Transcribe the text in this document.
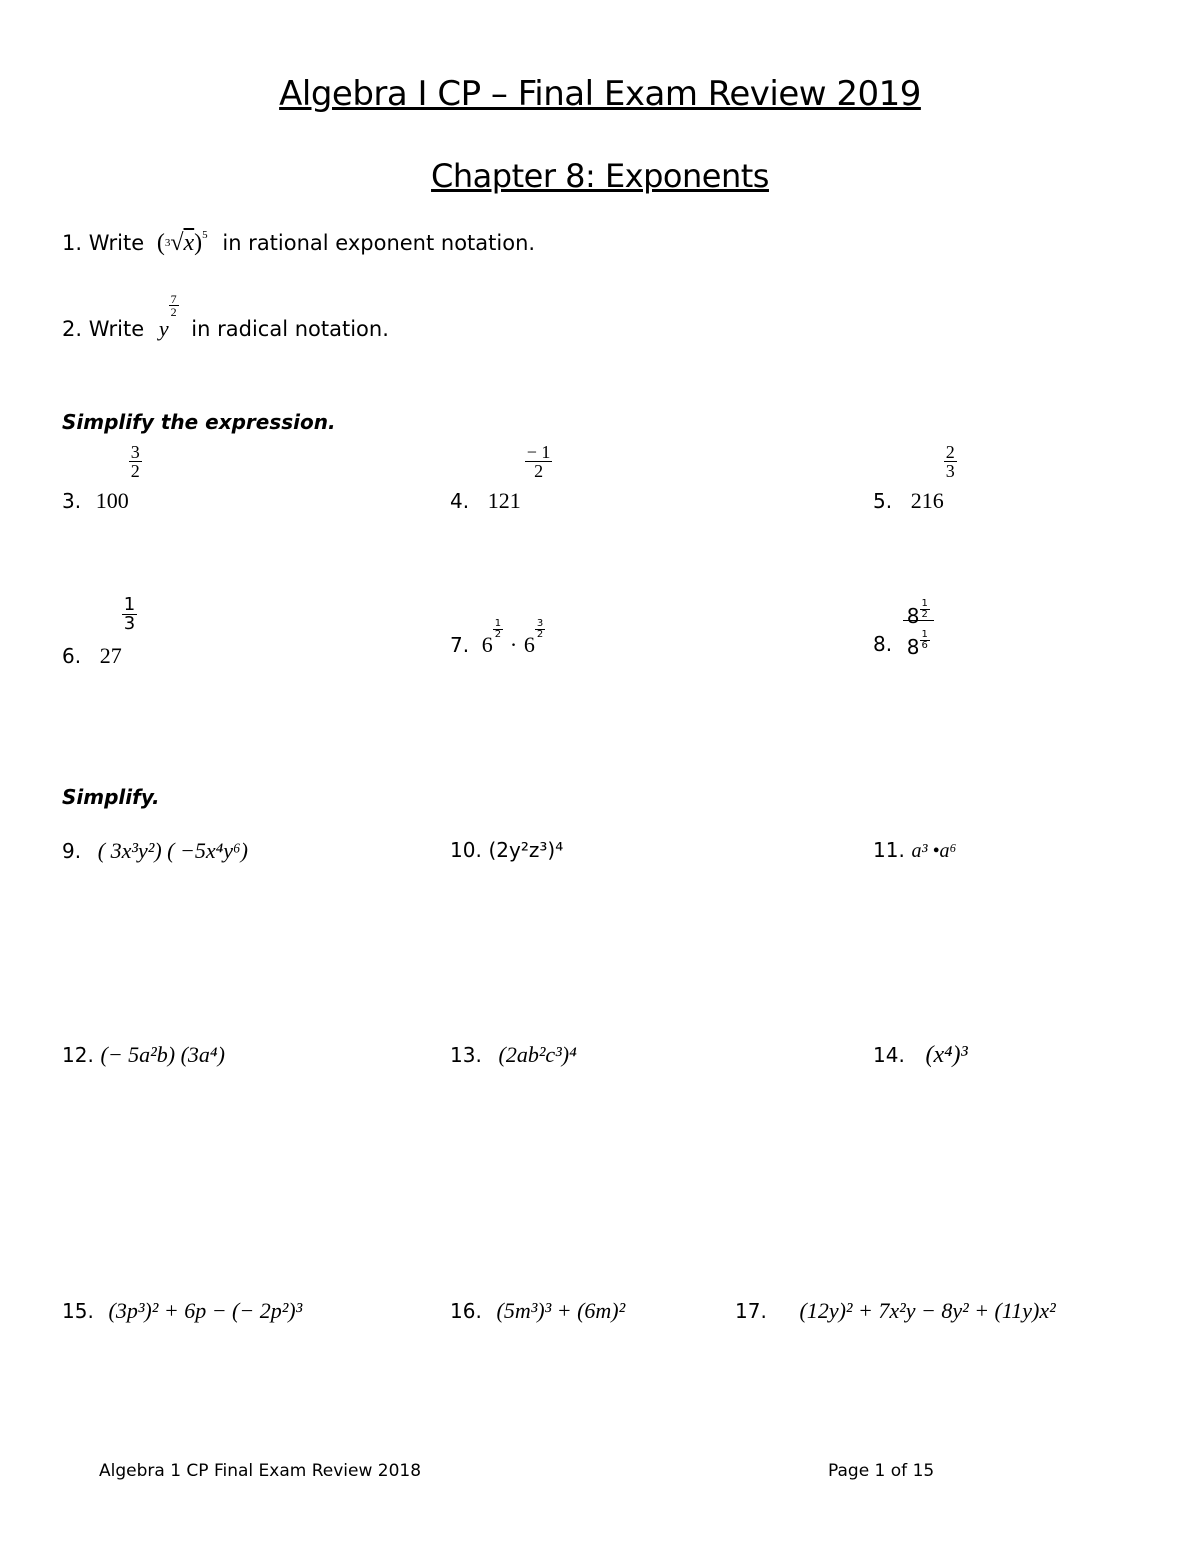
Algebra I CP – Final Exam Review 2019
Chapter 8: Exponents
1. Write $(3√x)^5$ in rational exponent notation.
2. Write y
$\frac{7}{2}$
in radical notation.
Simplify the expression.
3. 100
$\frac{3}{2}$
4. 121
$\frac{- 1}{2}$
5. 216
$\frac{2}{3}$
6. 27
$\frac{1}{3}$
7. 6
$\frac{1}{2}$
· 6
$\frac{3}{2}$
8. $\frac{8 \frac{1}{2}}{8 \frac{1}{6}}$
Simplify.
9. ( 3x³y²) ( −5x⁴y⁶)	10. (2y²z³)⁴	11. a³ •a⁶
12. (− 5a²b) (3a⁴)	13. (2ab²c³)⁴	14. (x⁴)³
15. (3p³)² + 6p − (− 2p²)³	16. (5m³)³ + (6m)²	17. (12y)² + 7x²y − 8y² + (11y)x²
Algebra 1 CP Final Exam Review 2018	Page 1 of 15
